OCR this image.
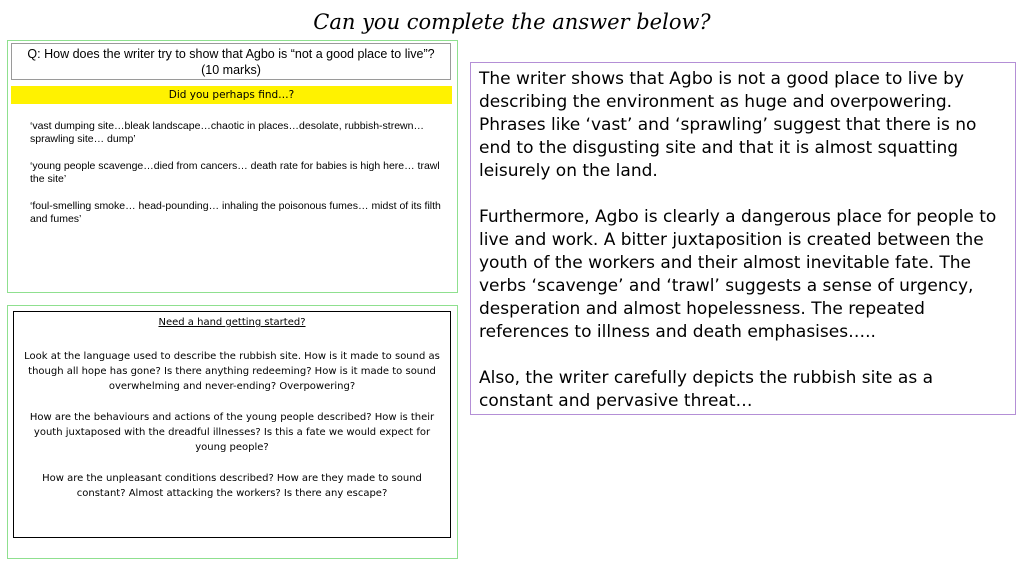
Can you complete the answer below?
Q: How does the writer try to show that Agbo is “not a good place to live”?
(10 marks)
Did you perhaps find…?

‘vast dumping site…bleak landscape…chaotic in places…desolate, rubbish-strewn… sprawling site… dump’

‘young people scavenge…died from cancers… death rate for babies is high here… trawl the site’

‘foul-smelling smoke… head-pounding… inhaling the poisonous fumes… midst of its filth and fumes’

Need a hand getting started?

Look at the language used to describe the rubbish site. How is it made to sound as though all hope has gone? Is there anything redeeming? How is it made to sound overwhelming and never-ending? Overpowering?

How are the behaviours and actions of the young people described? How is their youth juxtaposed with the dreadful illnesses? Is this a fate we would expect for young people?

How are the unpleasant conditions described? How are they made to sound constant? Almost attacking the workers? Is there any escape?

The writer shows that Agbo is not a good place to live by describing the environment as huge and overpowering. Phrases like ‘vast’ and ‘sprawling’ suggest that there is no end to the disgusting site and that it is almost squatting leisurely on the land.

Furthermore, Agbo is clearly a dangerous place for people to live and work. A bitter juxtaposition is created between the youth of the workers and their almost inevitable fate. The verbs ‘scavenge’ and ‘trawl’ suggests a sense of urgency, desperation and almost hopelessness. The repeated references to illness and death emphasises…..

Also, the writer carefully depicts the rubbish site as a constant and pervasive threat…
